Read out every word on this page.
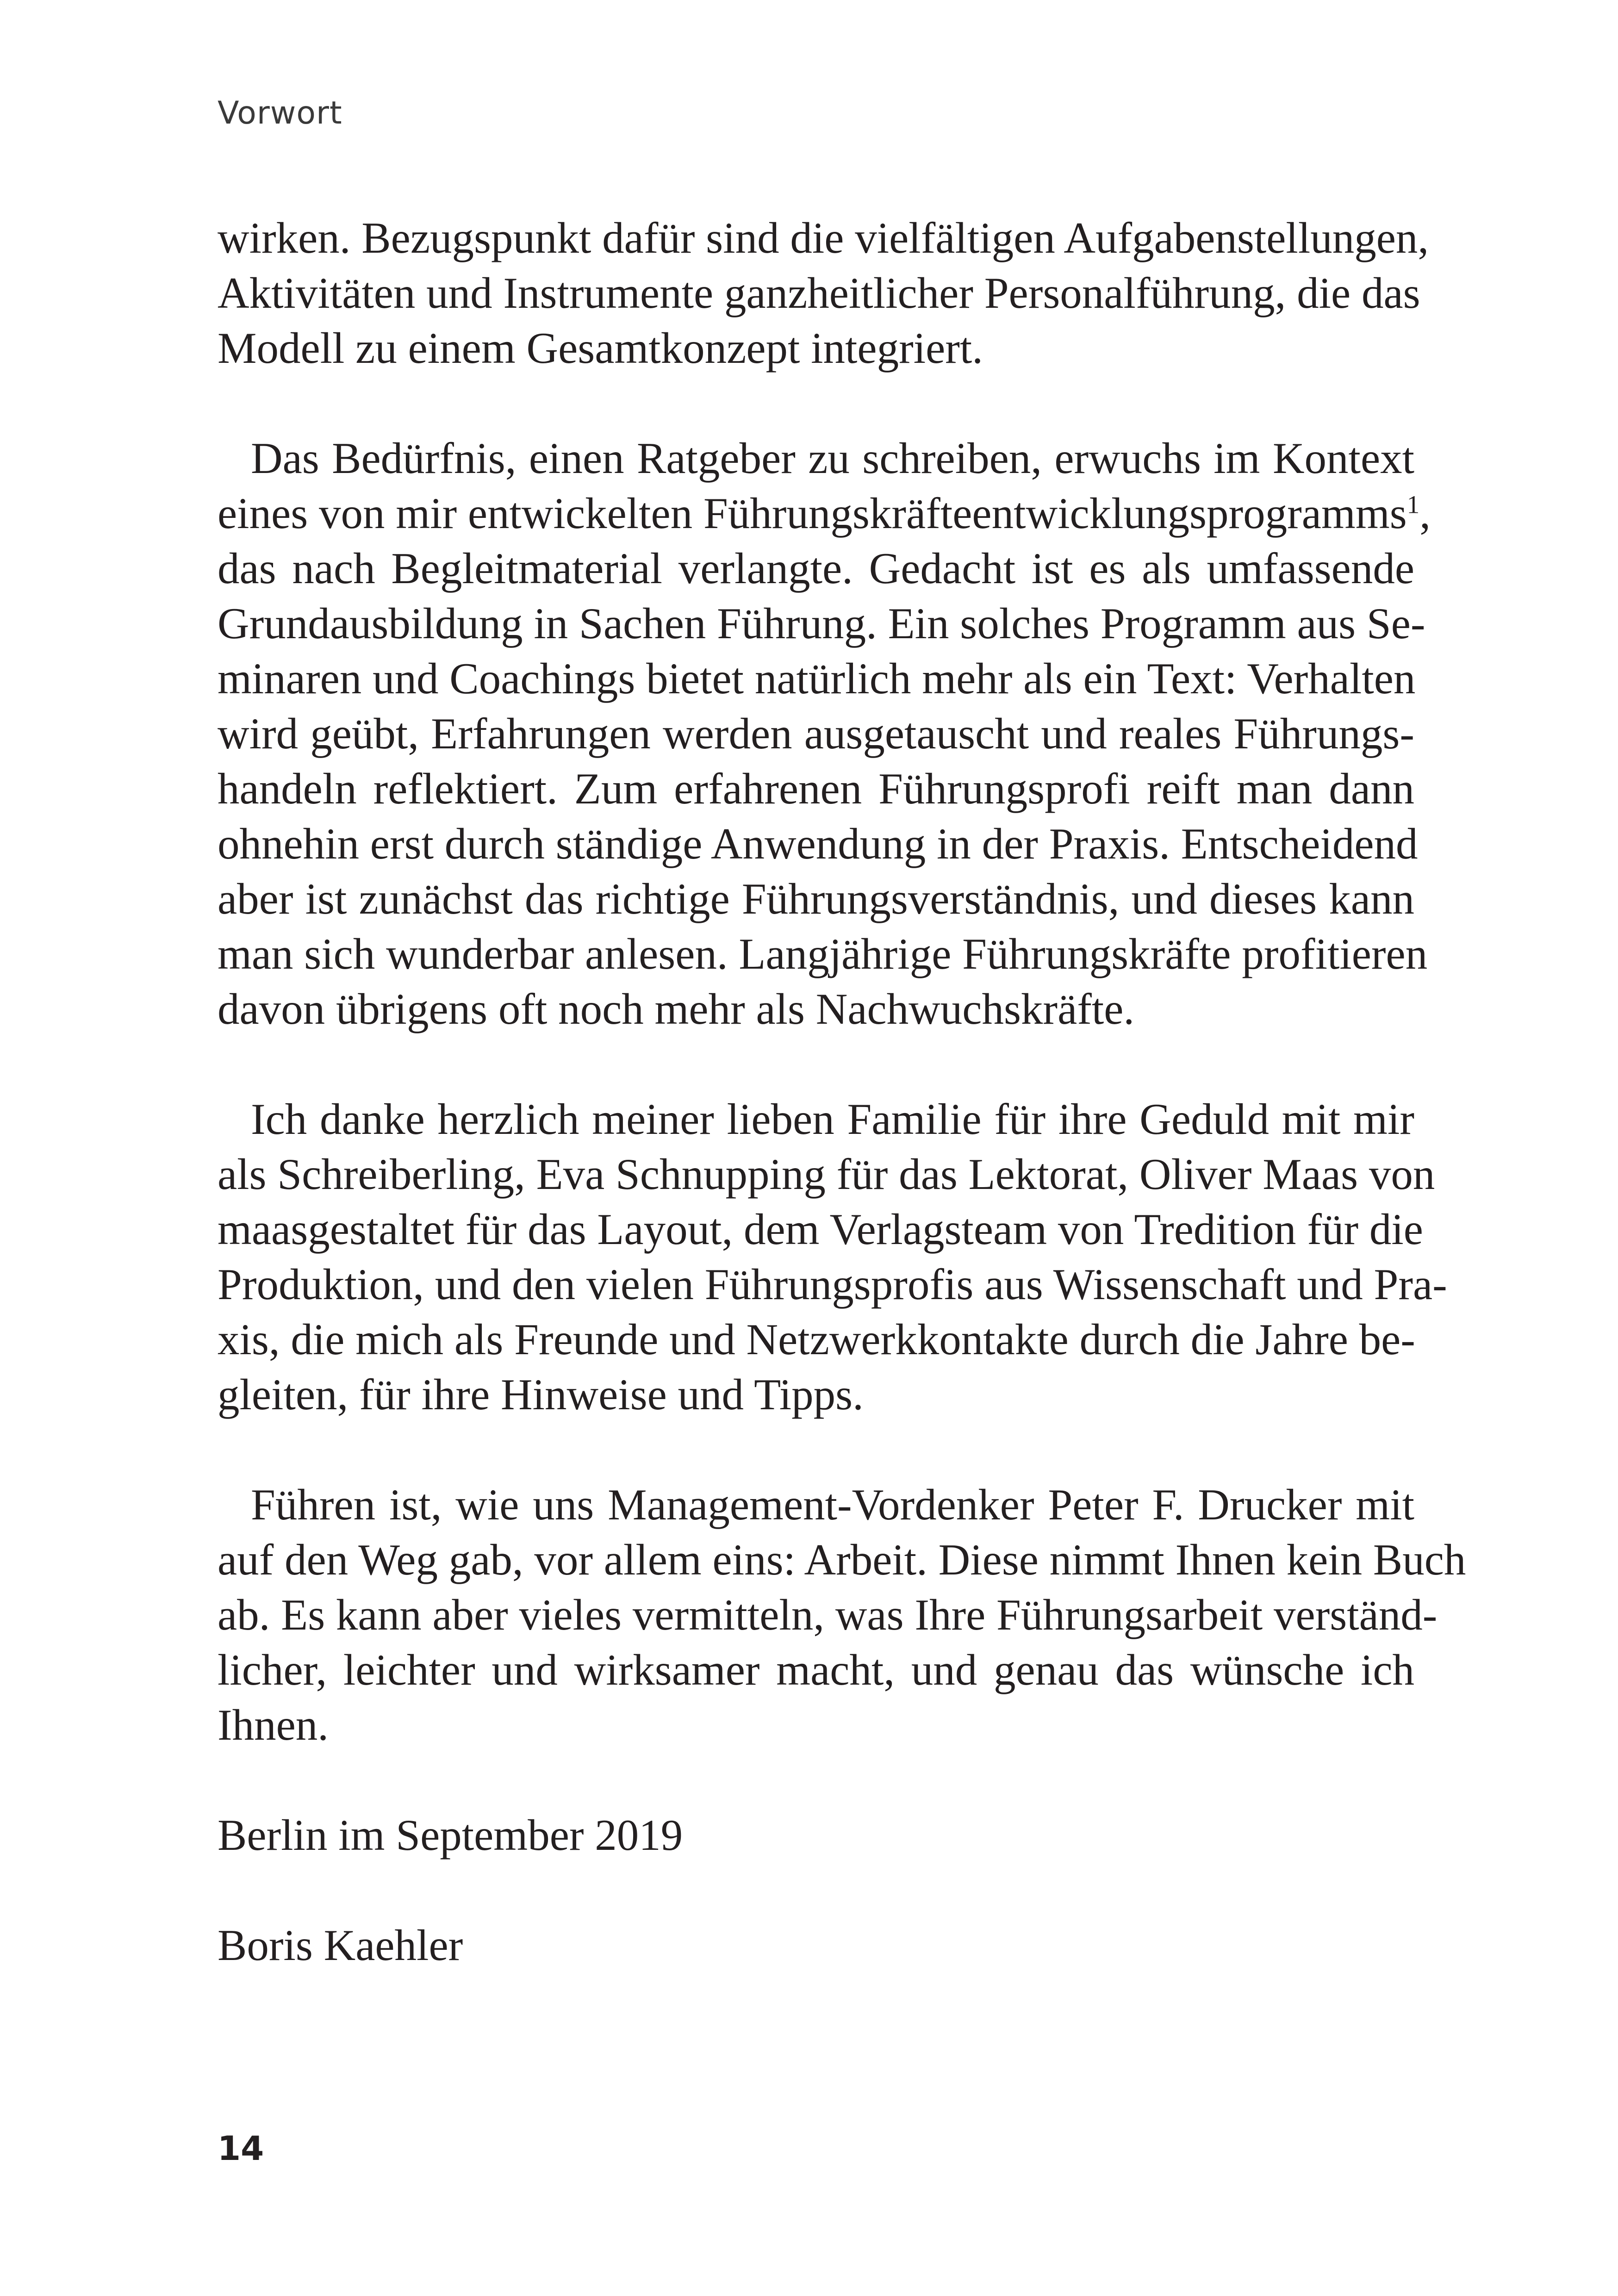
Vorwort

wirken. Bezugspunkt dafür sind die vielfältigen Aufgabenstellungen,
Aktivitäten und Instrumente ganzheitlicher Personalführung, die das
Modell zu einem Gesamtkonzept integriert.

Das Bedürfnis, einen Ratgeber zu schreiben, erwuchs im Kontext
eines von mir entwickelten Führungskräfteentwicklungsprogramms$^1$,
das nach Begleitmaterial verlangte. Gedacht ist es als umfassende
Grundausbildung in Sachen Führung. Ein solches Programm aus Se-
minaren und Coachings bietet natürlich mehr als ein Text: Verhalten
wird geübt, Erfahrungen werden ausgetauscht und reales Führungs-
handeln reflektiert. Zum erfahrenen Führungsprofi reift man dann
ohnehin erst durch ständige Anwendung in der Praxis. Entscheidend
aber ist zunächst das richtige Führungsverständnis, und dieses kann
man sich wunderbar anlesen. Langjährige Führungskräfte profitieren
davon übrigens oft noch mehr als Nachwuchskräfte.

Ich danke herzlich meiner lieben Familie für ihre Geduld mit mir
als Schreiberling, Eva Schnupping für das Lektorat, Oliver Maas von
maasgestaltet für das Layout, dem Verlagsteam von Tredition für die
Produktion, und den vielen Führungsprofis aus Wissenschaft und Pra-
xis, die mich als Freunde und Netzwerkkontakte durch die Jahre be-
gleiten, für ihre Hinweise und Tipps.

Führen ist, wie uns Management-Vordenker Peter F. Drucker mit
auf den Weg gab, vor allem eins: Arbeit. Diese nimmt Ihnen kein Buch
ab. Es kann aber vieles vermitteln, was Ihre Führungsarbeit verständ-
licher, leichter und wirksamer macht, und genau das wünsche ich
Ihnen.

Berlin im September 2019

Boris Kaehler

14
